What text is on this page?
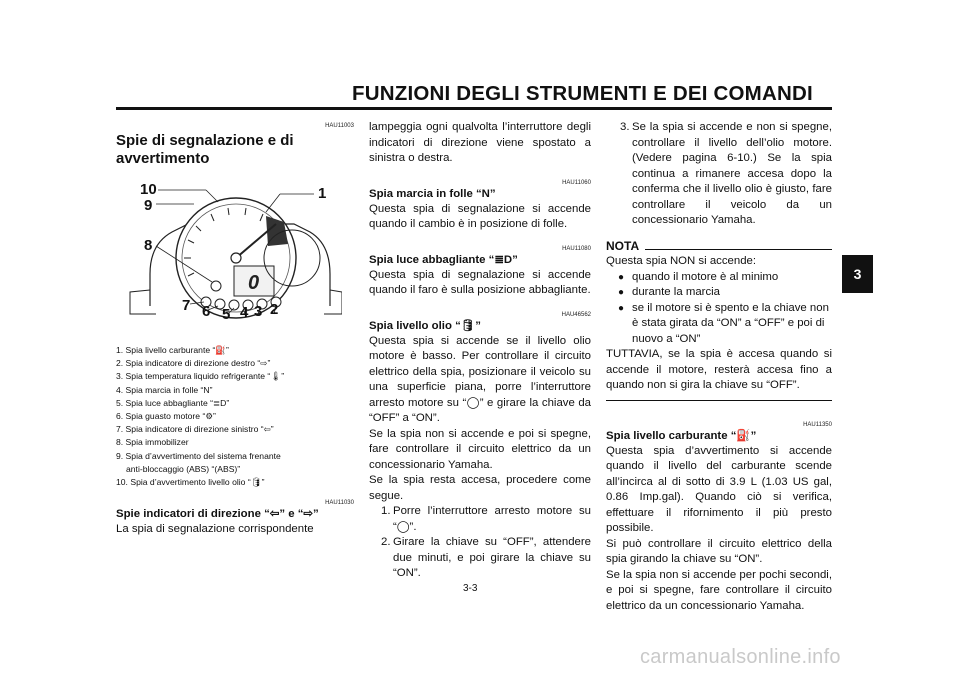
FUNZIONI DEGLI STRUMENTI E DEI COMANDI
3
HAU11003
Spie di segnalazione e di avvertimento
0
10	1
9
8
7 6 5 4 3 2
1. Spia livello carburante “⛽”
2. Spia indicatore di direzione destro “⇨”
3. Spia temperatura liquido refrigerante “🌡”
4. Spia marcia in folle “N”
5. Spia luce abbagliante “≣D”
6. Spia guasto motore “⚙”
7. Spia indicatore di direzione sinistro “⇦”
8. Spia immobilizer
9. Spia d’avvertimento del sistema frenante
anti-bloccaggio (ABS) “(ABS)”
10. Spia d’avvertimento livello olio “🛢”
HAU11030
Spie indicatori di direzione “⇦” e “⇨”

La spia di segnalazione corrispondente

lampeggia ogni qualvolta l’interruttore degli indicatori di direzione viene spostato a sinistra o destra.

HAU11060
Spia marcia in folle “N”

Questa spia di segnalazione si accende quando il cambio è in posizione di folle.

HAU11080
Spia luce abbagliante “≣D”

Questa spia di segnalazione si accende quando il faro è sulla posizione abbagliante.

HAU46562
Spia livello olio “🛢”

Questa spia si accende se il livello olio motore è basso. Per controllare il circuito elettrico della spia, posizionare il veicolo su una superficie piana, porre l’interruttore arresto motore su “◯” e girare la chiave da “OFF” a “ON”.

Se la spia non si accende e poi si spegne, fare controllare il circuito elettrico da un concessionario Yamaha.

Se la spia resta accesa, procedere come segue.

1. Porre l’interruttore arresto motore su “◯”.
2. Girare la chiave su “OFF”, attendere due minuti, e poi girare la chiave su “ON”.
3. Se la spia si accende e non si spegne, controllare il livello dell’olio motore. (Vedere pagina 6-10.) Se la spia continua a rimanere accesa dopo la conferma che il livello olio è giusto, fare controllare il veicolo da un concessionario Yamaha.
NOTA

Questa spia NON si accende:

● quando il motore è al minimo
● durante la marcia
● se il motore si è spento e la chiave non è stata girata da “ON” a “OFF” e poi di nuovo a “ON”

TUTTAVIA, se la spia è accesa quando si accende il motore, resterà accesa fino a quando non si gira la chiave su “OFF”.

HAU11350
Spia livello carburante “⛽”

Questa spia d’avvertimento si accende quando il livello del carburante scende all’incirca al di sotto di 3.9 L (1.03 US gal, 0.86 Imp.gal). Quando ciò si verifica, effettuare il rifornimento il più presto possibile.

Si può controllare il circuito elettrico della spia girando la chiave su “ON”.

Se la spia non si accende per pochi secondi, e poi si spegne, fare controllare il circuito elettrico da un concessionario Yamaha.

3-3
carmanualsonline.info
